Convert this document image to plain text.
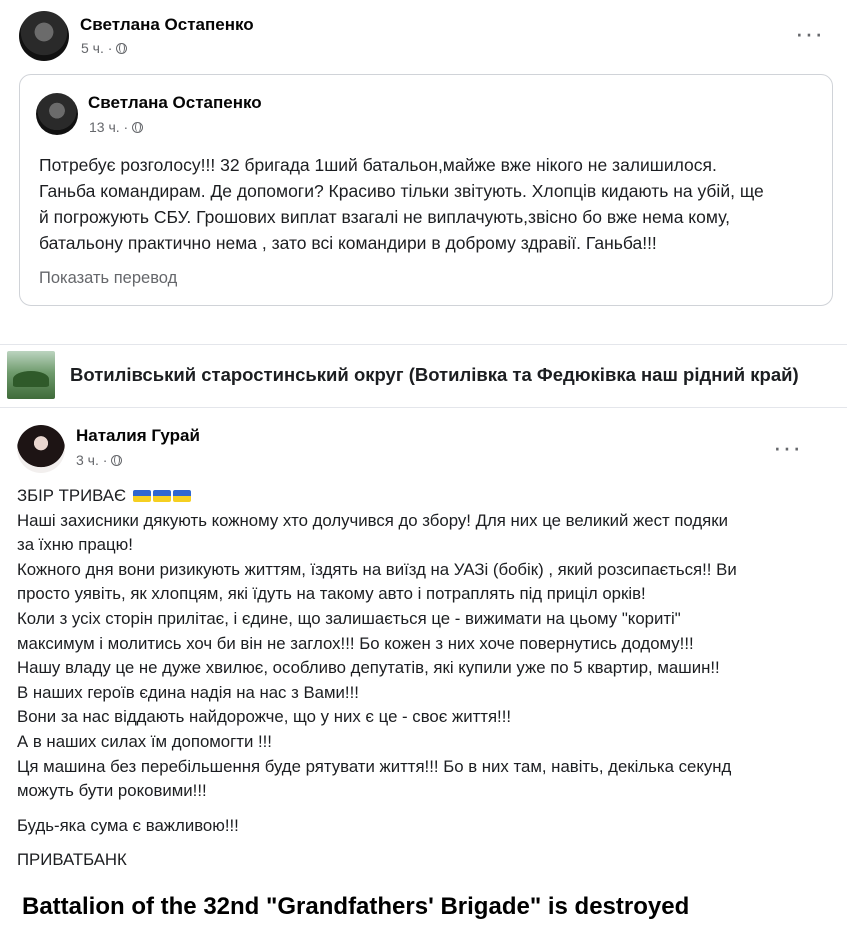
Светлана Остапенко
5 ч. ·	···
Светлана Остапенко
13 ч. ·
Потребує розголосу!!! 32 бригада 1ший батальон,майже вже нікого не залишилося.
Ганьба командирам. Де допомоги? Красиво тільки звітують. Хлопців кидають на убій, ще
й погрожують СБУ. Грошових виплат взагалі не виплачують,звісно бо вже нема кому,
батальону практично нема , зато всі командири в доброму здравії. Ганьба!!!
Показать перевод
Вотилівський старостинський округ (Вотилівка та Федюківка наш рідний край)
Наталия Гурай
3 ч. ·	···
ЗБІР ТРИВАЄ
Наші захисники дякують кожному хто долучився до збору! Для них це великий жест подяки
за їхню працю!
Кожного дня вони ризикують життям, їздять на виїзд на УАЗі (бобік) , який розсипається!! Ви
просто уявіть, як хлопцям, які їдуть на такому авто і потраплять під приціл орків!
Коли з усіх сторін прилітає, і єдине, що залишається це - вижимати на цьому "кориті"
максимум і молитись хоч би він не заглох!!! Бо кожен з них хоче повернутись додому!!!
Нашу владу це не дуже хвилює, особливо депутатів, які купили уже по 5 квартир, машин!!
В наших героїв єдина надія на нас з Вами!!!
Вони за нас віддають найдорожче, що у них є це - своє життя!!!
А в наших силах їм допомогти !!!
Ця машина без перебільшення буде рятувати життя!!! Бо в них там, навіть, декілька секунд
можуть бути роковими!!!
Будь-яка сума є важливою!!!
ПРИВАТБАНК
Battalion of the 32nd "Grandfathers' Brigade" is destroyed
